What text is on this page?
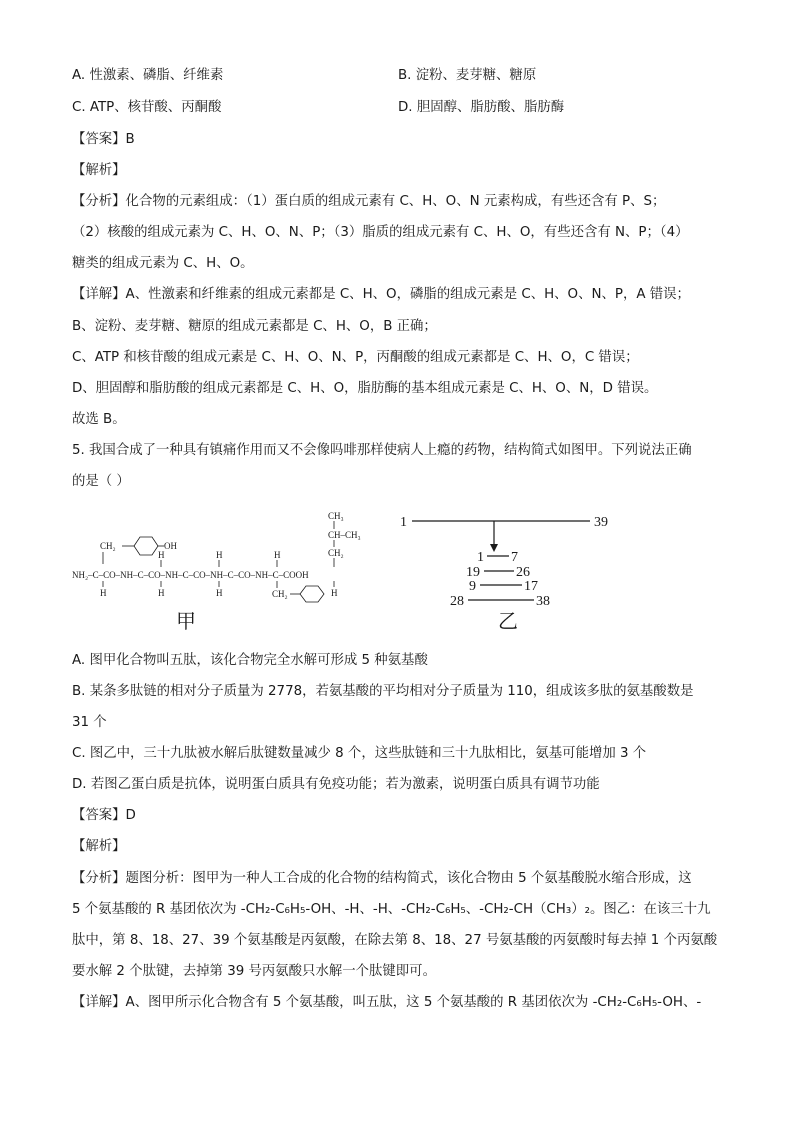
A. 性激素、磷脂、纤维素	B. 淀粉、麦芽糖、糖原
C. ATP、核苷酸、丙酮酸	D. 胆固醇、脂肪酸、脂肪酶
【答案】B
【解析】
【分析】化合物的元素组成：（1）蛋白质的组成元素有 C、H、O、N 元素构成，有些还含有 P、S；
（2）核酸的组成元素为 C、H、O、N、P；（3）脂质的组成元素有 C、H、O，有些还含有 N、P；（4）
糖类的组成元素为 C、H、O。
【详解】A、性激素和纤维素的组成元素都是 C、H、O，磷脂的组成元素是 C、H、O、N、P，A 错误；
B、淀粉、麦芽糖、糖原的组成元素都是 C、H、O，B 正确；
C、ATP 和核苷酸的组成元素是 C、H、O、N、P，丙酮酸的组成元素都是 C、H、O，C 错误；
D、胆固醇和脂肪酸的组成元素都是 C、H、O，脂肪酶的基本组成元素是 C、H、O、N，D 错误。
故选 B。
5. 我国合成了一种具有镇痛作用而又不会像吗啡那样使病人上瘾的药物，结构简式如图甲。下列说法正确
的是（ ）
CH₂	OH
H	H	H
CH₃
CH–CH₃
CH₂
NH₂–C–CO–NH–C–CO–NH–C–CO–NH–C–CO–NH–C–COOH
H	H	H	H
CH₂
甲
1	39
1 7
19	26
9	17
28	38
乙
A. 图甲化合物叫五肽，该化合物完全水解可形成 5 种氨基酸
B. 某条多肽链的相对分子质量为 2778，若氨基酸的平均相对分子质量为 110，组成该多肽的氨基酸数是
31 个
C. 图乙中，三十九肽被水解后肽键数量减少 8 个，这些肽链和三十九肽相比，氨基可能增加 3 个
D. 若图乙蛋白质是抗体，说明蛋白质具有免疫功能；若为激素，说明蛋白质具有调节功能
【答案】D
【解析】
【分析】题图分析：图甲为一种人工合成的化合物的结构简式，该化合物由 5 个氨基酸脱水缩合形成，这
5 个氨基酸的 R 基团依次为 -CH₂-C₆H₅-OH、-H、-H、-CH₂-C₆H₅、-CH₂-CH（CH₃）₂。图乙：在该三十九
肽中，第 8、18、27、39 个氨基酸是丙氨酸，在除去第 8、18、27 号氨基酸的丙氨酸时每去掉 1 个丙氨酸
要水解 2 个肽键，去掉第 39 号丙氨酸只水解一个肽键即可。
【详解】A、图甲所示化合物含有 5 个氨基酸，叫五肽，这 5 个氨基酸的 R 基团依次为 -CH₂-C₆H₅-OH、-
